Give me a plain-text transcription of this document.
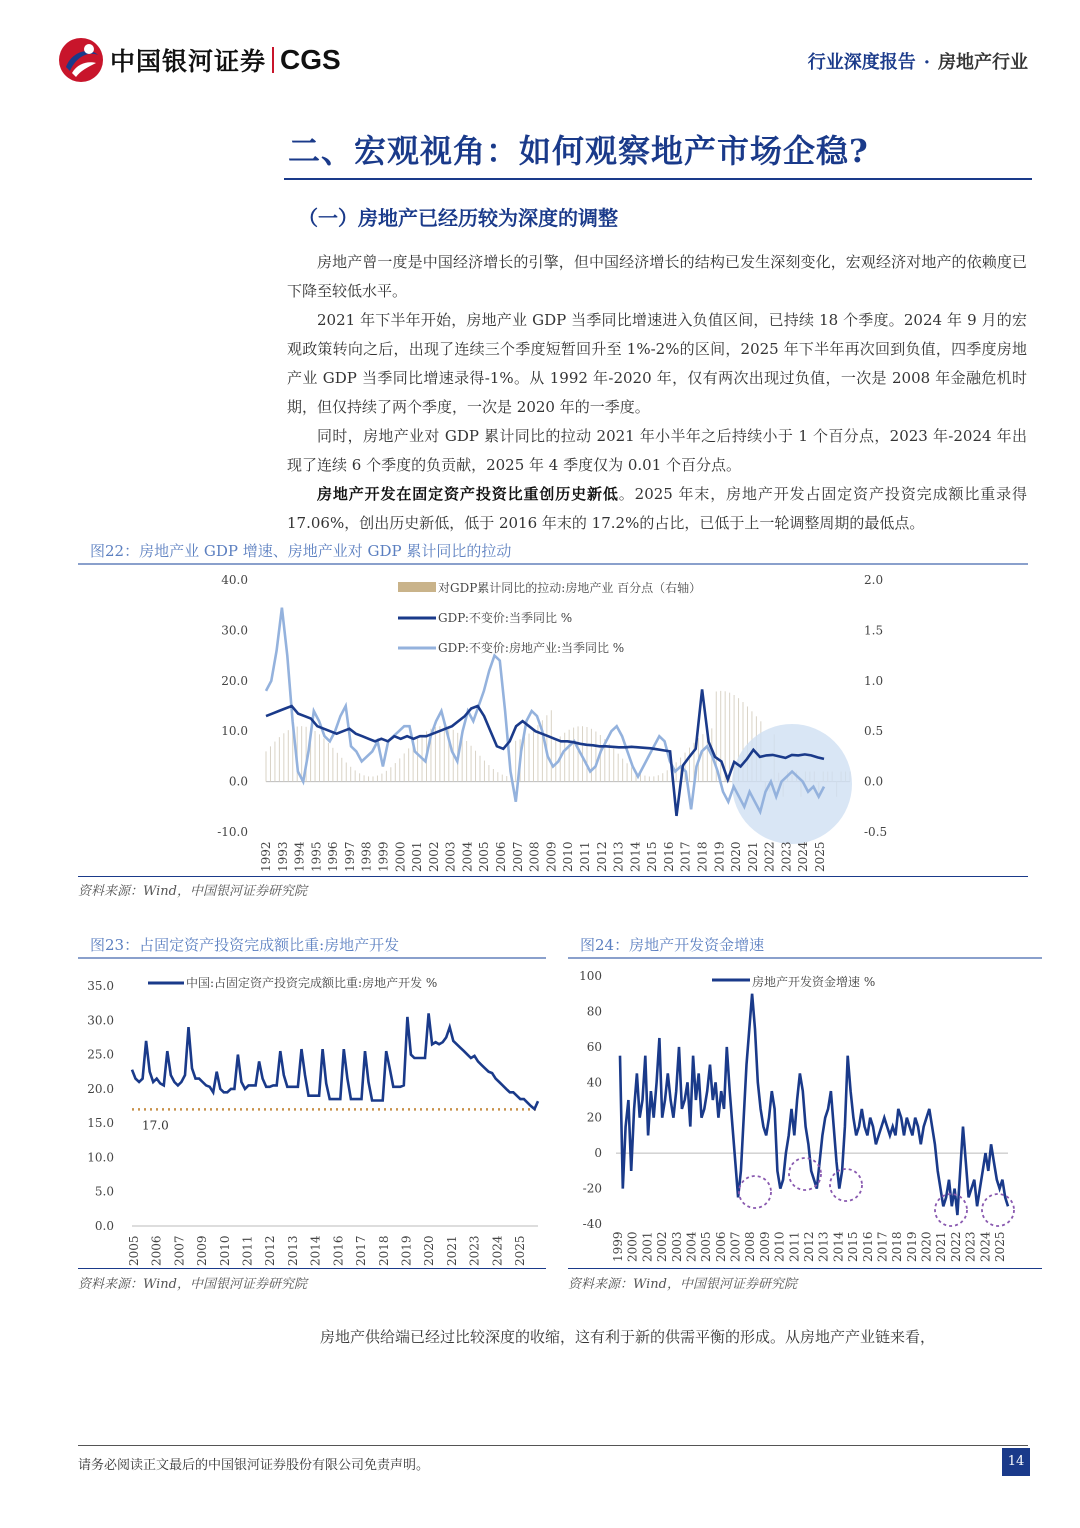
中国银河证券 CGS	行业深度报告 · 房地产行业
二、宏观视角：如何观察地产市场企稳?
（一）房地产已经历较为深度的调整

房地产曾一度是中国经济增长的引擎，但中国经济增长的结构已发生深刻变化，宏观经济对地产的依赖度已下降至较低水平。

2021 年下半年开始，房地产业 GDP 当季同比增速进入负值区间，已持续 18 个季度。2024 年 9 月的宏观政策转向之后，出现了连续三个季度短暂回升至 1%-2%的区间，2025 年下半年再次回到负值，四季度房地产业 GDP 当季同比增速录得-1%。从 1992 年-2020 年，仅有两次出现过负值，一次是 2008 年金融危机时期，但仅持续了两个季度，一次是 2020 年的一季度。

同时，房地产业对 GDP 累计同比的拉动 2021 年小半年之后持续小于 1 个百分点，2023 年-2024 年出现了连续 6 个季度的负贡献，2025 年 4 季度仅为 0.01 个百分点。

房地产开发在固定资产投资比重创历史新低。2025 年末，房地产开发占固定资产投资完成额比重录得 17.06%，创出历史新低，低于 2016 年末的 17.2%的占比，已低于上一轮调整周期的最低点。

图22：房地产业 GDP 增速、房地产业对 GDP 累计同比的拉动
40.0	2.0
30.0	1.5
20.0	1.0
10.0	0.5
0.0	0.0
-10.0	-0.5
对GDP累计同比的拉动:房地产业 百分点（右轴）
GDP:不变价:当季同比 %
GDP:不变价:房地产业:当季同比 %
1992 1993 1994 1995 1996 1997 1998 1999 2000 2001 2002 2003 2004 2005 2006 2007 2008 2009 2010 2011 2012 2013 2014 2015 2016 2017 2018 2019 2020 2021 2022 2023 2024 2025
资料来源：Wind，中国银河证券研究院
图23：占固定资产投资完成额比重:房地产开发
35.0
30.0
25.0
20.0
15.0
10.0
5.0
0.0
17.0
中国:占固定资产投资完成额比重:房地产开发 %
2005 2006 2007 2009 2010 2011 2012 2013 2014 2016 2017 2018 2019 2020 2021 2023 2024 2025
资料来源：Wind，中国银河证券研究院
图24：房地产开发资金增速
100
80
60
40
20
0
-20
-40
房地产开发资金增速 %
1999 2000 2001 2002 2003 2004 2005 2006 2007 2008 2009 2010 2011 2012 2013 2014 2015 2016 2017 2018 2019 2020 2021 2022 2023 2024 2025
资料来源：Wind，中国银河证券研究院
房地产供给端已经过比较深度的收缩，这有利于新的供需平衡的形成。从房地产产业链来看，
请务必阅读正文最后的中国银河证券股份有限公司免责声明。	14
